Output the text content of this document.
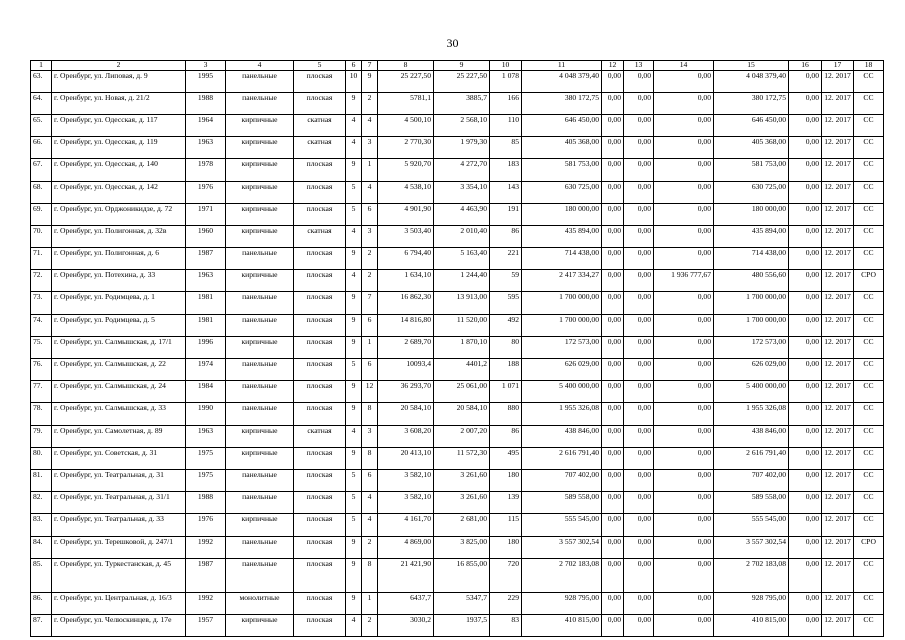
30
1	2	3	4	5	6	7	8	9	10	11	12	13	14	15	16	17	18
63.	г. Оренбург, ул. Липовая, д. 9	1995	панельные	плоская	10	9	25 227,50	25 227,50	1 078	4 048 379,40	0,00	0,00	0,00	4 048 379,40	0,00	12. 2017	СС
64.	г. Оренбург, ул. Новая, д. 21/2	1988	панельные	плоская	9	2	5781,1	3885,7	166	380 172,75	0,00	0,00	0,00	380 172,75	0,00	12. 2017	СС
65.	г. Оренбург, ул. Одесская, д. 117	1964	кирпичные	скатная	4	4	4 500,10	2 568,10	110	646 450,00	0,00	0,00	0,00	646 450,00	0,00	12. 2017	СС
66.	г. Оренбург, ул. Одесская, д. 119	1963	кирпичные	скатная	4	3	2 770,30	1 979,30	85	405 368,00	0,00	0,00	0,00	405 368,00	0,00	12. 2017	СС
67.	г. Оренбург, ул. Одесская, д. 140	1978	кирпичные	плоская	9	1	5 920,70	4 272,70	183	581 753,00	0,00	0,00	0,00	581 753,00	0,00	12. 2017	СС
68.	г. Оренбург, ул. Одесская, д. 142	1976	кирпичные	плоская	5	4	4 538,10	3 354,10	143	630 725,00	0,00	0,00	0,00	630 725,00	0,00	12. 2017	СС
69.	г. Оренбург, ул. Орджоникидзе, д. 72	1971	кирпичные	плоская	5	6	4 901,90	4 463,90	191	180 000,00	0,00	0,00	0,00	180 000,00	0,00	12. 2017	СС
70.	г. Оренбург, ул. Полигонная, д. 32в	1960	кирпичные	скатная	4	3	3 503,40	2 010,40	86	435 894,00	0,00	0,00	0,00	435 894,00	0,00	12. 2017	СС
71.	г. Оренбург, ул. Полигонная, д. 6	1987	панельные	плоская	9	2	6 794,40	5 163,40	221	714 438,00	0,00	0,00	0,00	714 438,00	0,00	12. 2017	СС
72.	г. Оренбург, ул. Потехина, д. 33	1963	кирпичные	плоская	4	2	1 634,10	1 244,40	59	2 417 334,27	0,00	0,00	1 936 777,67	480 556,60	0,00	12. 2017	СРО
73.	г. Оренбург, ул. Родимцева, д. 1	1981	панельные	плоская	9	7	16 862,30	13 913,00	595	1 700 000,00	0,00	0,00	0,00	1 700 000,00	0,00	12. 2017	СС
74.	г. Оренбург, ул. Родимцева, д. 5	1981	панельные	плоская	9	6	14 816,80	11 520,00	492	1 700 000,00	0,00	0,00	0,00	1 700 000,00	0,00	12. 2017	СС
75.	г. Оренбург, ул. Салмышская, д. 17/1	1996	кирпичные	плоская	9	1	2 689,70	1 870,10	80	172 573,00	0,00	0,00	0,00	172 573,00	0,00	12. 2017	СС
76.	г. Оренбург, ул. Салмышская, д. 22	1974	панельные	плоская	5	6	10093,4	4401,2	188	626 029,00	0,00	0,00	0,00	626 029,00	0,00	12. 2017	СС
77.	г. Оренбург, ул. Салмышская, д. 24	1984	панельные	плоская	9	12	36 293,70	25 061,00	1 071	5 400 000,00	0,00	0,00	0,00	5 400 000,00	0,00	12. 2017	СС
78.	г. Оренбург, ул. Салмышская, д. 33	1990	панельные	плоская	9	8	20 584,10	20 584,10	880	1 955 326,08	0,00	0,00	0,00	1 955 326,08	0,00	12. 2017	СС
79.	г. Оренбург, ул. Самолетная, д. 89	1963	кирпичные	скатная	4	3	3 608,20	2 007,20	86	438 846,00	0,00	0,00	0,00	438 846,00	0,00	12. 2017	СС
80.	г. Оренбург, ул. Советская, д. 31	1975	кирпичные	плоская	9	8	20 413,10	11 572,30	495	2 616 791,40	0,00	0,00	0,00	2 616 791,40	0,00	12. 2017	СС
81.	г. Оренбург, ул. Театральная, д. 31	1975	панельные	плоская	5	6	3 582,10	3 261,60	180	707 402,00	0,00	0,00	0,00	707 402,00	0,00	12. 2017	СС
82.	г. Оренбург, ул. Театральная, д. 31/1	1988	панельные	плоская	5	4	3 582,10	3 261,60	139	589 558,00	0,00	0,00	0,00	589 558,00	0,00	12. 2017	СС
83.	г. Оренбург, ул. Театральная, д. 33	1976	кирпичные	плоская	5	4	4 161,70	2 681,00	115	555 545,00	0,00	0,00	0,00	555 545,00	0,00	12. 2017	СС
84.	г. Оренбург, ул. Терешковой, д. 247/1	1992	панельные	плоская	9	2	4 869,00	3 825,00	180	3 557 302,54	0,00	0,00	0,00	3 557 302,54	0,00	12. 2017	СРО
85.	г. Оренбург, ул. Туркестанская, д. 45	1987	панельные	плоская	9	8	21 421,90	16 855,00	720	2 702 183,08	0,00	0,00	0,00	2 702 183,08	0,00	12. 2017	СС
86.	г. Оренбург, ул. Центральная, д. 16/3	1992	монолитные	плоская	9	1	6437,7	5347,7	229	928 795,00	0,00	0,00	0,00	928 795,00	0,00	12. 2017	СС
87.	г. Оренбург, ул. Челюскинцев, д. 17е	1957	кирпичные	плоская	4	2	3030,2	1937,5	83	410 815,00	0,00	0,00	0,00	410 815,00	0,00	12. 2017	СС
